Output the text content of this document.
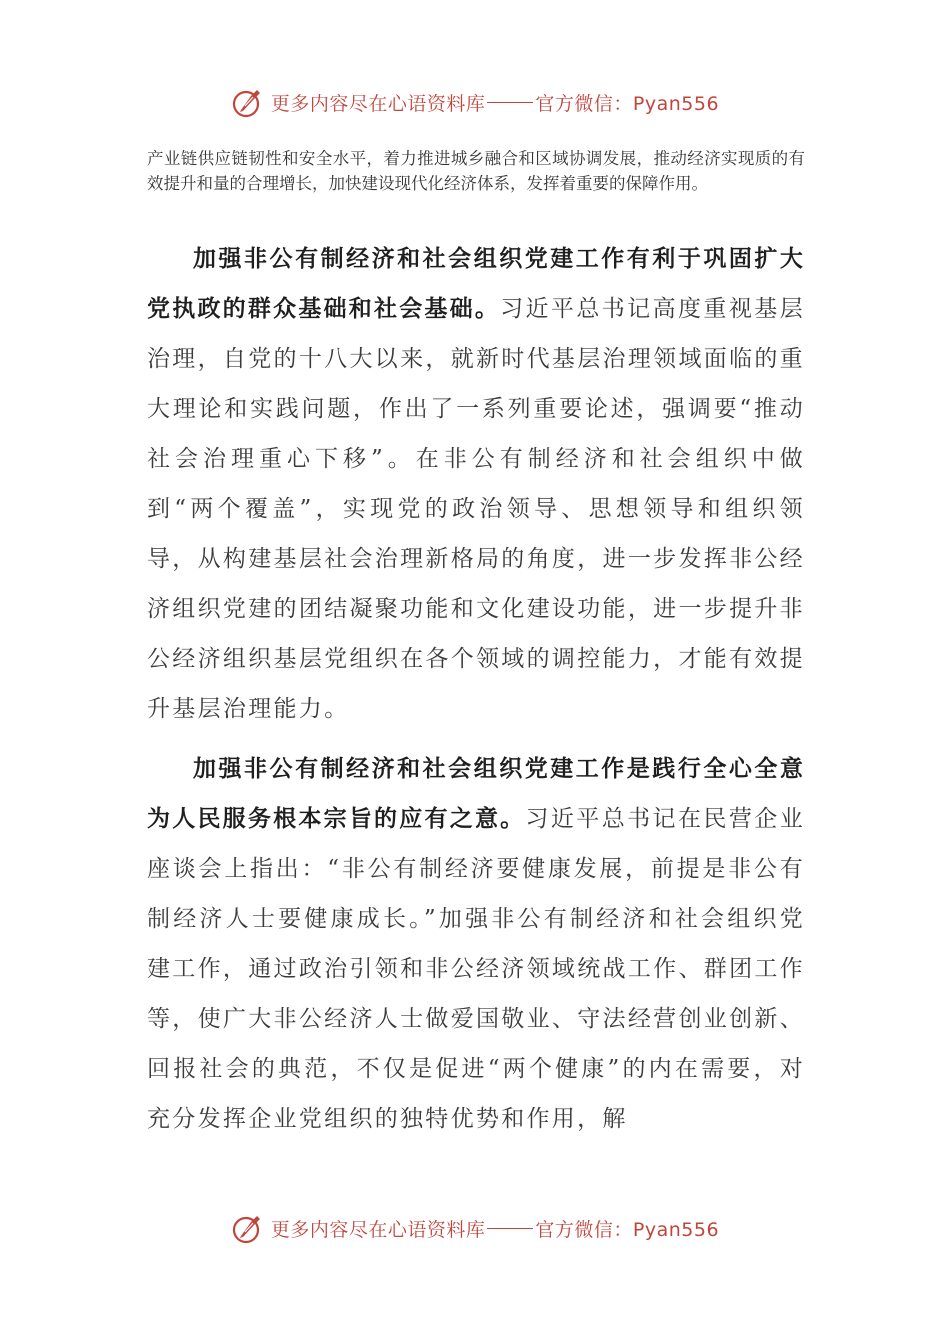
更多内容尽在心语资料库	官方微信：Pyan556
产业链供应链韧性和安全水平，着力推进城乡融合和区域协调发展，推动经济实现质的有效提升和量的合理增长，加快建设现代化经济体系，发挥着重要的保障作用。

加强非公有制经济和社会组织党建工作有利于巩固扩大党执政的群众基础和社会基础。习近平总书记高度重视基层治理，自党的十八大以来，就新时代基层治理领域面临的重大理论和实践问题，作出了一系列重要论述，强调要“推动社会治理重心下移”。在非公有制经济和社会组织中做到“两个覆盖”，实现党的政治领导、思想领导和组织领导，从构建基层社会治理新格局的角度，进一步发挥非公经济组织党建的团结凝聚功能和文化建设功能，进一步提升非公经济组织基层党组织在各个领域的调控能力，才能有效提升基层治理能力。

加强非公有制经济和社会组织党建工作是践行全心全意为人民服务根本宗旨的应有之意。习近平总书记在民营企业座谈会上指出：“非公有制经济要健康发展，前提是非公有制经济人士要健康成长。”加强非公有制经济和社会组织党建工作，通过政治引领和非公经济领域统战工作、群团工作等，使广大非公经济人士做爱国敬业、守法经营创业创新、回报社会的典范，不仅是促进“两个健康”的内在需要，对充分发挥企业党组织的独特优势和作用，解

更多内容尽在心语资料库	官方微信：Pyan556
